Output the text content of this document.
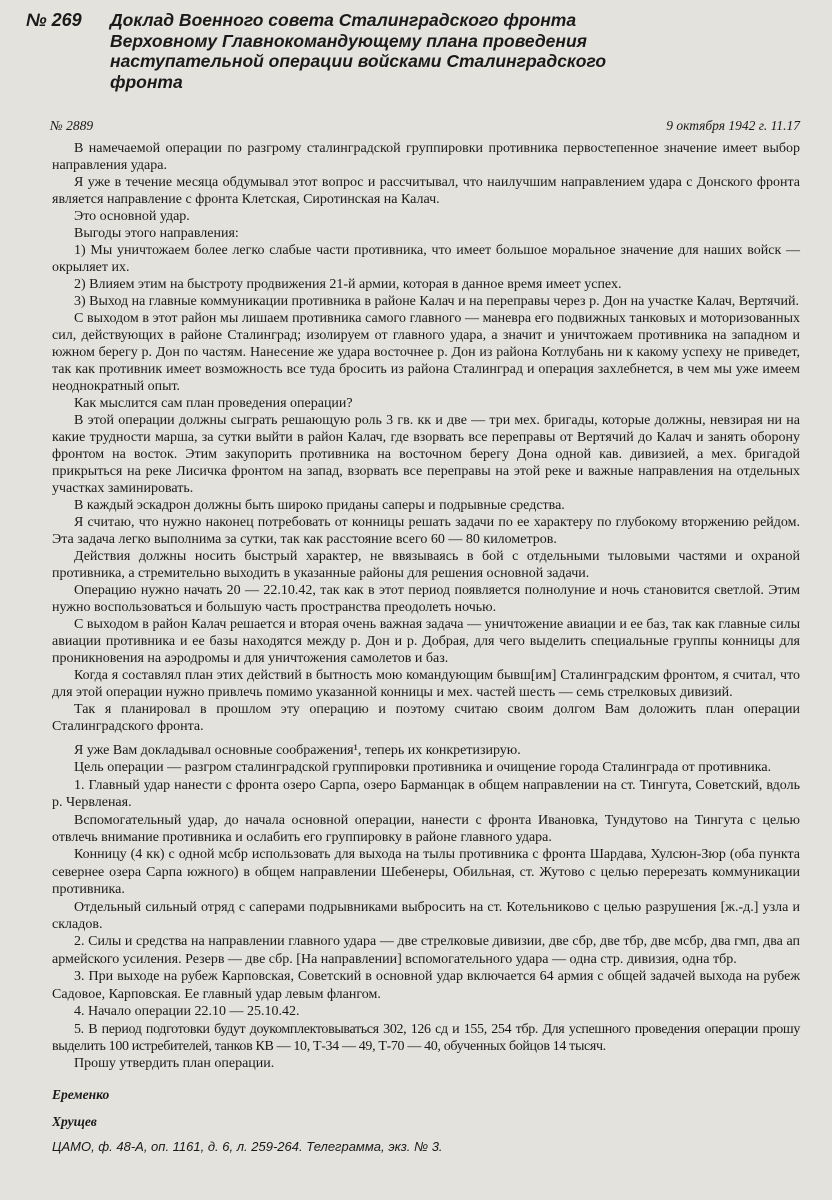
№ 269	Доклад Военного совета Сталинградского фронта Верховному Главнокомандующему плана проведения наступательной операции войсками Сталинградского фронта
№ 2889	9 октября 1942 г. 11.17

В намечаемой операции по разгрому сталинградской группировки противника первостепенное значение имеет выбор направления удара.

Я уже в течение месяца обдумывал этот вопрос и рассчитывал, что наилучшим направлением удара с Донского фронта является направление с фронта Клетская, Сиротинская на Калач.

Это основной удар.

Выгоды этого направления:

1) Мы уничтожаем более легко слабые части противника, что имеет большое моральное значение для наших войск — окрыляет их.

2) Влияем этим на быстроту продвижения 21-й армии, которая в данное время имеет успех.

3) Выход на главные коммуникации противника в районе Калач и на переправы через р. Дон на участке Калач, Вертячий.

С выходом в этот район мы лишаем противника самого главного — маневра его подвижных танковых и моторизованных сил, действующих в районе Сталинград; изолируем от главного удара, а значит и уничтожаем противника на западном и южном берегу р. Дон по частям. Нанесение же удара восточнее р. Дон из района Котлубань ни к какому успеху не приведет, так как противник имеет возможность все туда бросить из района Сталинград и операция захлебнется, в чем мы уже имеем неоднократный опыт.

Как мыслится сам план проведения операции?

В этой операции должны сыграть решающую роль 3 гв. кк и две — три мех. бригады, которые должны, невзирая ни на какие трудности марша, за сутки выйти в район Калач, где взорвать все переправы от Вертячий до Калач и занять оборону фронтом на восток. Этим закупорить противника на восточном берегу Дона одной кав. дивизией, а мех. бригадой прикрыться на реке Лисичка фронтом на запад, взорвать все переправы на этой реке и важные направления на отдельных участках заминировать.

В каждый эскадрон должны быть широко приданы саперы и подрывные средства.

Я считаю, что нужно наконец потребовать от конницы решать задачи по ее характеру по глубокому вторжению рейдом. Эта задача легко выполнима за сутки, так как расстояние всего 60 — 80 километров.

Действия должны носить быстрый характер, не ввязываясь в бой с отдельными тыловыми частями и охраной противника, а стремительно выходить в указанные районы для решения основной задачи.

Операцию нужно начать 20 — 22.10.42, так как в этот период появляется полнолуние и ночь становится светлой. Этим нужно воспользоваться и большую часть пространства преодолеть ночью.

С выходом в район Калач решается и вторая очень важная задача — уничтожение авиации и ее баз, так как главные силы авиации противника и ее базы находятся между р. Дон и р. Добрая, для чего выделить специальные группы конницы для проникновения на аэродромы и для уничтожения самолетов и баз.

Когда я составлял план этих действий в бытность мою командующим бывш[им] Сталинградским фронтом, я считал, что для этой операции нужно привлечь помимо указанной конницы и мех. частей шесть — семь стрелковых дивизий.

Так я планировал в прошлом эту операцию и поэтому считаю своим долгом Вам доложить план операции Сталинградского фронта.

Я уже Вам докладывал основные соображения¹, теперь их конкретизирую.

Цель операции — разгром сталинградской группировки противника и очищение города Сталинграда от противника.

1. Главный удар нанести с фронта озеро Сарпа, озеро Барманцак в общем направлении на ст. Тингута, Советский, вдоль р. Червленая.

Вспомогательный удар, до начала основной операции, нанести с фронта Ивановка, Тундутово на Тингута с целью отвлечь внимание противника и ослабить его группировку в районе главного удара.

Конницу (4 кк) с одной мсбр использовать для выхода на тылы противника с фронта Шардава, Хулсюн-Зюр (оба пункта севернее озера Сарпа южного) в общем направлении Шебенеры, Обильная, ст. Жутово с целью перерезать коммуникации противника.

Отдельный сильный отряд с саперами подрывниками выбросить на ст. Котельниково с целью разрушения [ж.-д.] узла и складов.

2. Силы и средства на направлении главного удара — две стрелковые дивизии, две сбр, две тбр, две мсбр, два гмп, два ап армейского усиления. Резерв — две сбр. [На направлении] вспомогательного удара — одна стр. дивизия, одна тбр.

3. При выходе на рубеж Карповская, Советский в основной удар включается 64 армия с общей задачей выхода на рубеж Садовое, Карповская. Ее главный удар левым флангом.

4. Начало операции 22.10 — 25.10.42.

5. В период подготовки будут доукомплектовываться 302, 126 сд и 155, 254 тбр. Для успешного проведения операции прошу выделить 100 истребителей, танков КВ — 10, Т-34 — 49, Т-70 — 40, обученных бойцов 14 тысяч.

Прошу утвердить план операции.

Еременко
Хрущев
ЦАМО, ф. 48-А, оп. 1161, д. 6, л. 259-264. Телеграмма, экз. № 3.
